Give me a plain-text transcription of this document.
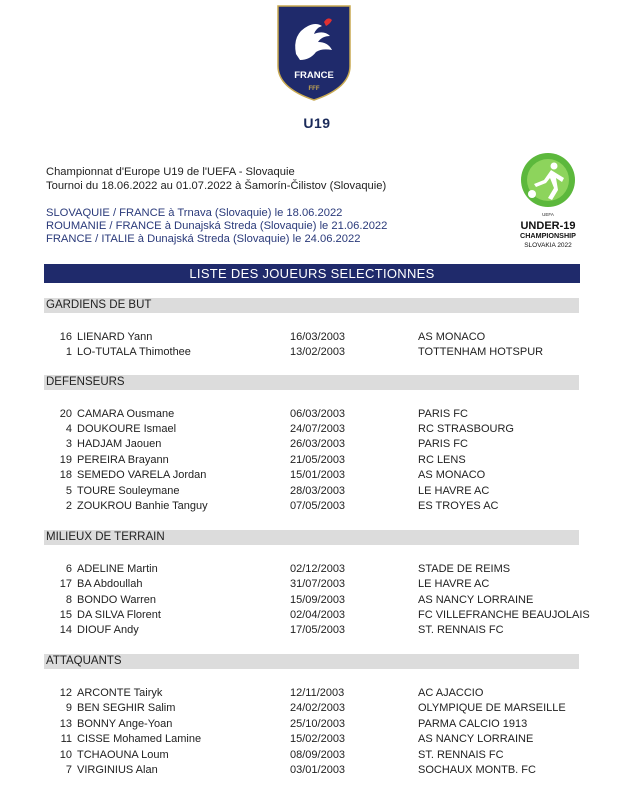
FRANCE
FFF
U19
Championnat d'Europe U19 de l'UEFA - Slovaquie
Tournoi du 18.06.2022 au 01.07.2022 à Šamorín-Čilistov (Slovaquie)
SLOVAQUIE / FRANCE à Trnava (Slovaquie) le 18.06.2022
ROUMANIE / FRANCE à Dunajská Streda (Slovaquie) le 21.06.2022
FRANCE / ITALIE à Dunajská Streda (Slovaquie) le 24.06.2022
UEFA
UNDER-19
CHAMPIONSHIP
SLOVAKIA 2022
LISTE DES JOUEURS SELECTIONNES
GARDIENS DE BUT
16 LIENARD Yann	16/03/2003	AS MONACO
1 LO-TUTALA Thimothee	13/02/2003	TOTTENHAM HOTSPUR
DEFENSEURS
20 CAMARA Ousmane	06/03/2003	PARIS FC
4 DOUKOURE Ismael	24/07/2003	RC STRASBOURG
3 HADJAM Jaouen	26/03/2003	PARIS FC
19 PEREIRA Brayann	21/05/2003	RC LENS
18 SEMEDO VARELA Jordan	15/01/2003	AS MONACO
5 TOURE Souleymane	28/03/2003	LE HAVRE AC
2 ZOUKROU Banhie Tanguy	07/05/2003	ES TROYES AC
MILIEUX DE TERRAIN
6 ADELINE Martin	02/12/2003	STADE DE REIMS
17 BA Abdoullah	31/07/2003	LE HAVRE AC
8 BONDO Warren	15/09/2003	AS NANCY LORRAINE
15 DA SILVA Florent	02/04/2003	FC VILLEFRANCHE BEAUJOLAIS
14 DIOUF Andy	17/05/2003	ST. RENNAIS FC
ATTAQUANTS
12 ARCONTE Tairyk	12/11/2003	AC AJACCIO
9 BEN SEGHIR Salim	24/02/2003	OLYMPIQUE DE MARSEILLE
13 BONNY Ange-Yoan	25/10/2003	PARMA CALCIO 1913
11 CISSE Mohamed Lamine	15/02/2003	AS NANCY LORRAINE
10 TCHAOUNA Loum	08/09/2003	ST. RENNAIS FC
7 VIRGINIUS Alan	03/01/2003	SOCHAUX MONTB. FC
